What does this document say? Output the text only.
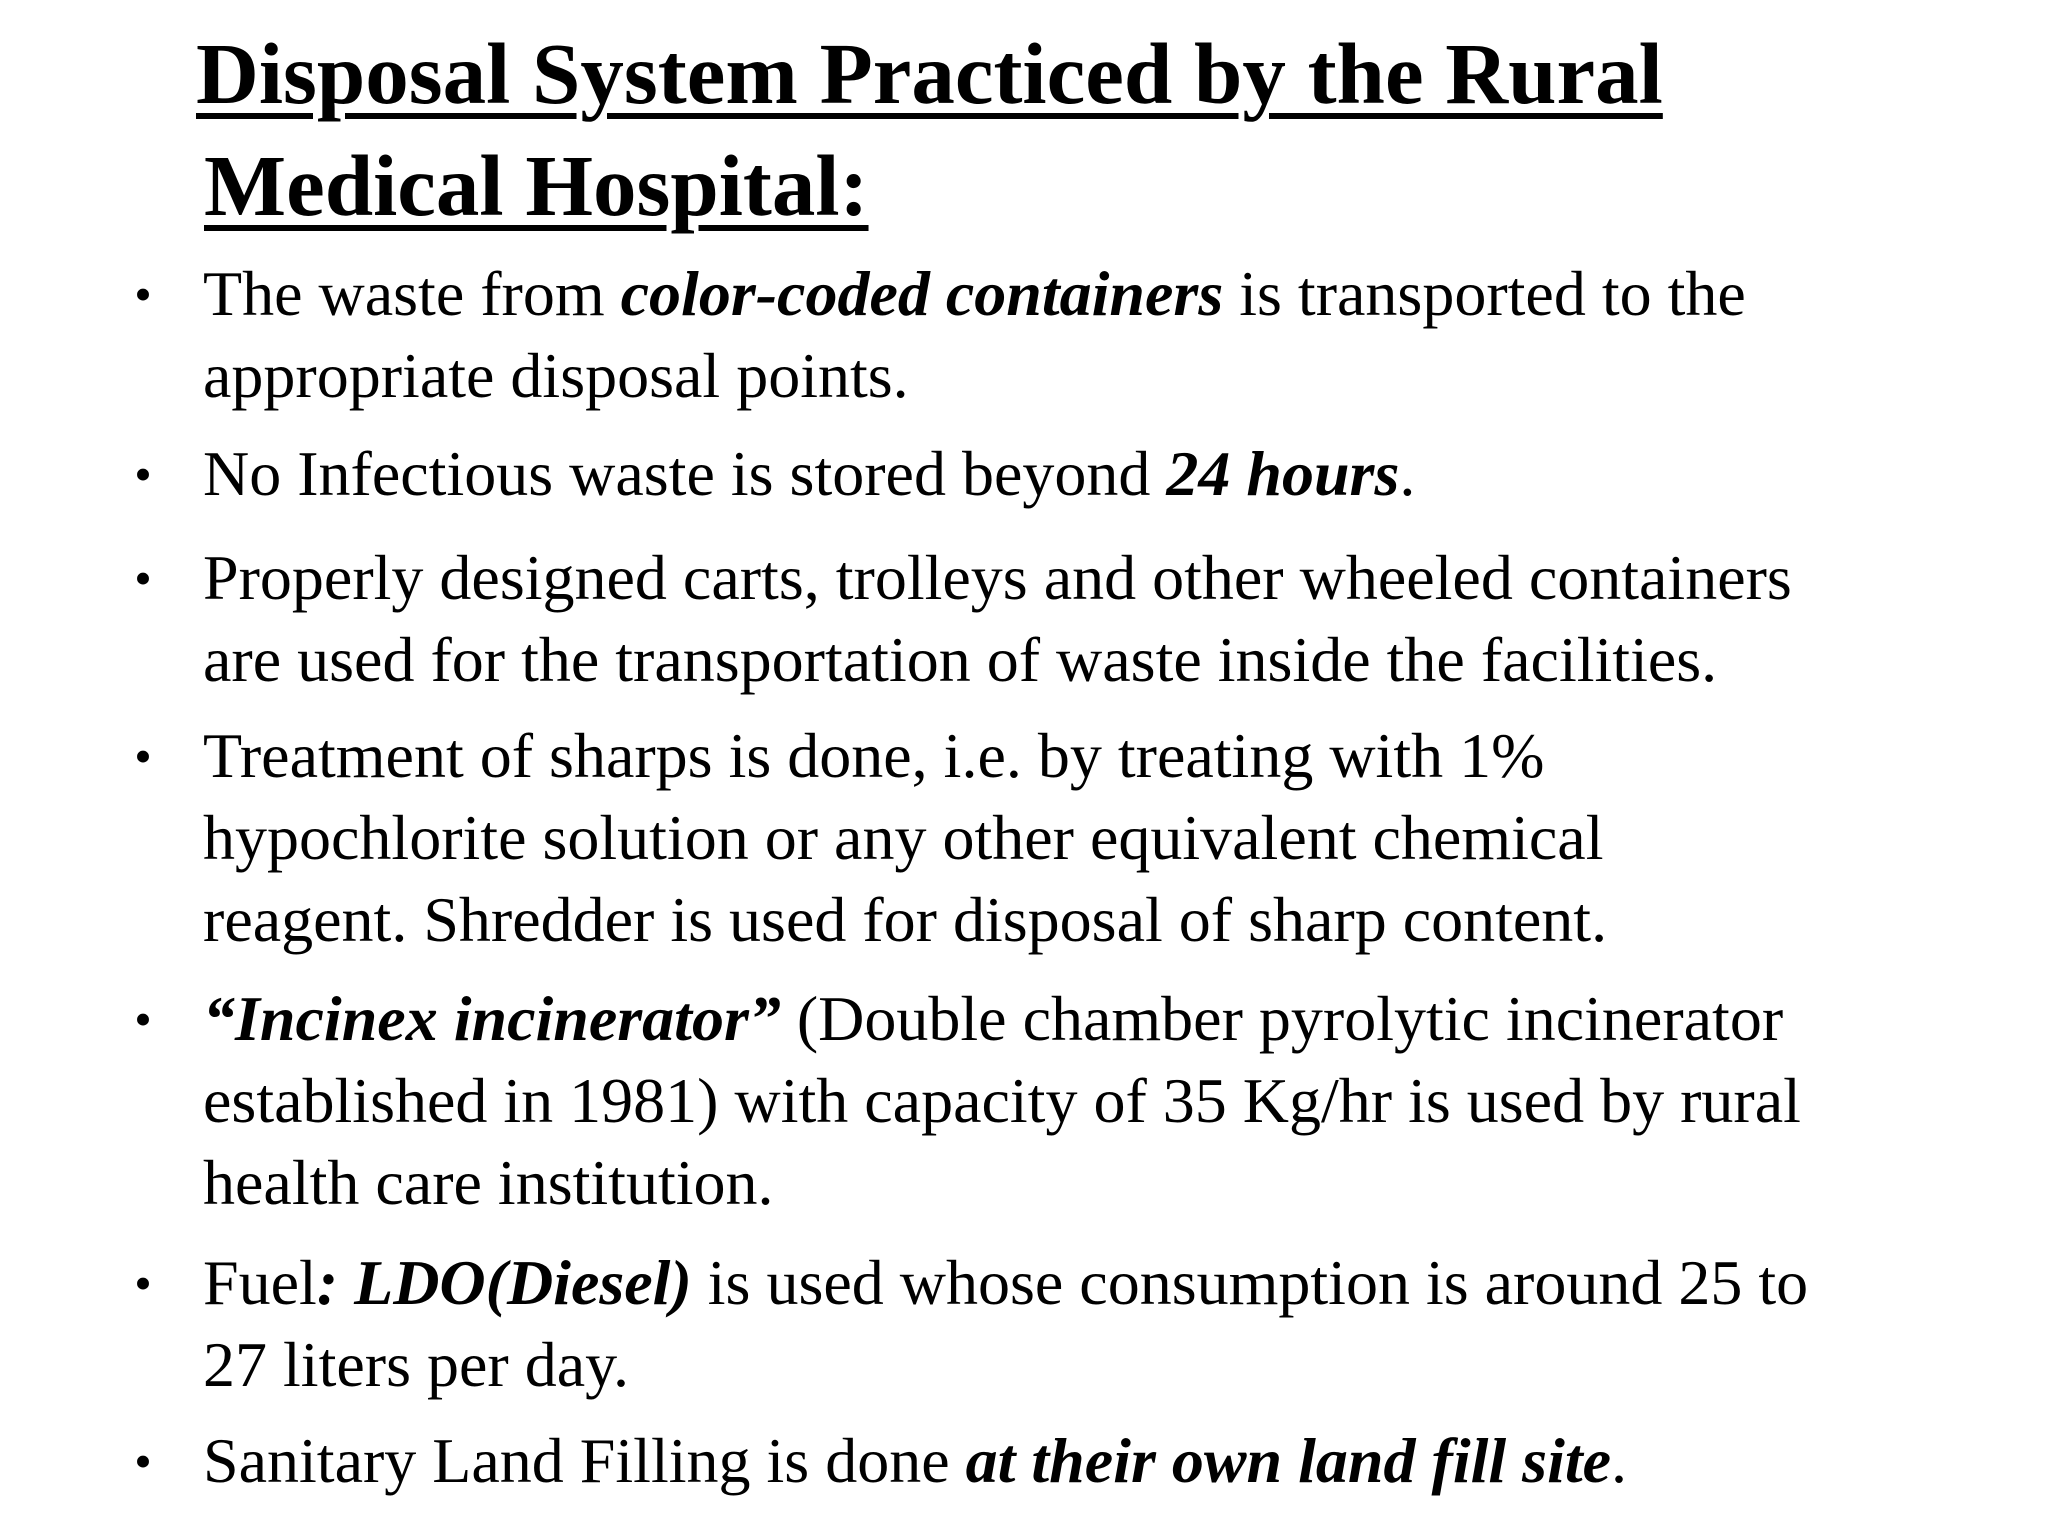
Disposal System Practiced by the Rural

Medical Hospital:
• The waste from color-coded containers is transported to the
appropriate disposal points.
• No Infectious waste is stored beyond 24 hours.
• Properly designed carts, trolleys and other wheeled containers
are used for the transportation of waste inside the facilities.
• Treatment of sharps is done, i.e. by treating with 1%
hypochlorite solution or any other equivalent chemical
reagent. Shredder is used for disposal of sharp content.
• “Incinex incinerator” (Double chamber pyrolytic incinerator
established in 1981) with capacity of 35 Kg/hr is used by rural
health care institution.
• Fuel: LDO(Diesel) is used whose consumption is around 25 to
27 liters per day.
• Sanitary Land Filling is done at their own land fill site.
